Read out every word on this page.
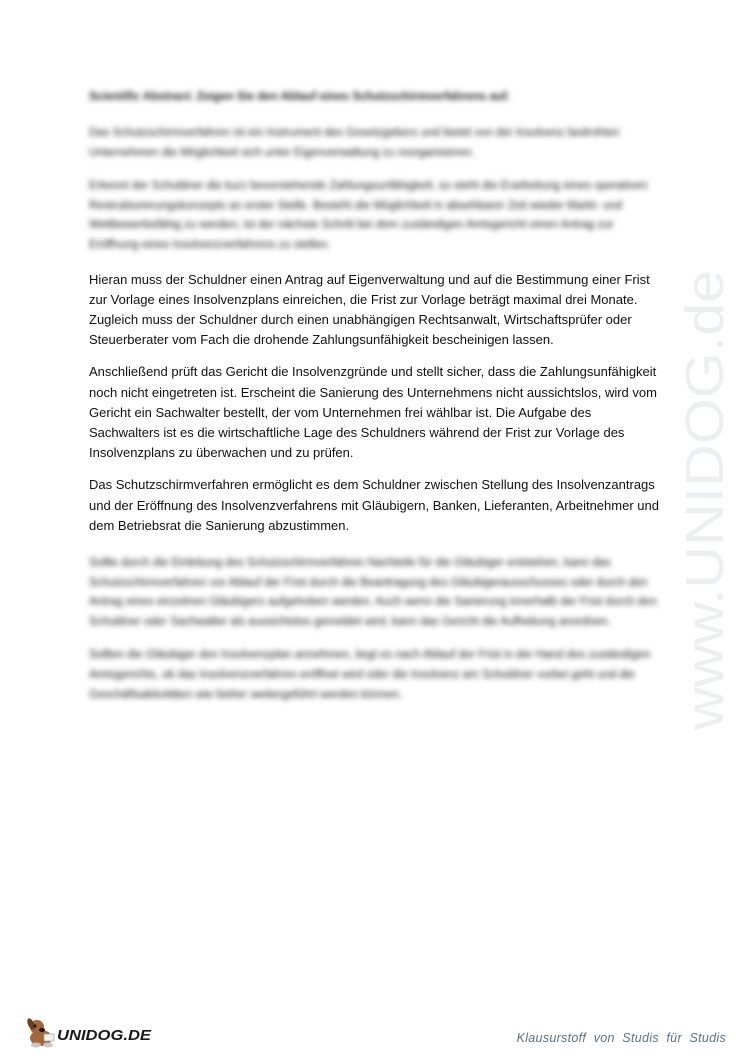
Scientific Abstract: Zeigen Sie den Ablauf eines Schutzschirmverfahrens auf.

Das Schutzschirmverfahren ist ein Instrument des Gesetzgebers und bietet von der Insolvenz bedrohten Unternehmen die Möglichkeit sich unter Eigenverwaltung zu reorganisieren.

Erkennt der Schuldner die kurz bevorstehende Zahlungsunfähigkeit, so steht die Erarbeitung eines operativen Restrukturierungskonzepts an erster Stelle. Besteht die Möglichkeit in absehbarer Zeit wieder Markt- und Wettbewerbsfähig zu werden, ist der nächste Schritt bei dem zuständigen Amtsgericht einen Antrag zur Eröffnung eines Insolvenzverfahrens zu stellen.

Hieran muss der Schuldner einen Antrag auf Eigenverwaltung und auf die Bestimmung einer Frist zur Vorlage eines Insolvenzplans einreichen, die Frist zur Vorlage beträgt maximal drei Monate. Zugleich muss der Schuldner durch einen unabhängigen Rechtsanwalt, Wirtschaftsprüfer oder Steuerberater vom Fach die drohende Zahlungsunfähigkeit bescheinigen lassen.

Anschließend prüft das Gericht die Insolvenzgründe und stellt sicher, dass die Zahlungsunfähigkeit noch nicht eingetreten ist. Erscheint die Sanierung des Unternehmens nicht aussichtslos, wird vom Gericht ein Sachwalter bestellt, der vom Unternehmen frei wählbar ist. Die Aufgabe des Sachwalters ist es die wirtschaftliche Lage des Schuldners während der Frist zur Vorlage des Insolvenzplans zu überwachen und zu prüfen.

Das Schutzschirmverfahren ermöglicht es dem Schuldner zwischen Stellung des Insolvenzantrags und der Eröffnung des Insolvenzverfahrens mit Gläubigern, Banken, Lieferanten, Arbeitnehmer und dem Betriebsrat die Sanierung abzustimmen.

Sollte durch die Einleitung des Schutzschirmverfahren Nachteile für die Gläubiger entstehen, kann das Schutzschirmverfahren vor Ablauf der Frist durch die Beantragung des Gläubigerausschusses oder durch den Antrag eines einzelnen Gläubigers aufgehoben werden. Auch wenn die Sanierung innerhalb der Frist durch den Schuldner oder Sachwalter als aussichtslos gemeldet wird, kann das Gericht die Aufhebung anordnen.

Sollten die Gläubiger den Insolvenzplan annehmen, liegt es nach Ablauf der Frist in der Hand des zuständigen Amtsgerichts, ob das Insolvenzverfahren eröffnet wird oder die Insolvenz am Schuldner vorbei geht und die Geschäftsaktivitäten wie bisher weitergeführt werden können.	www.UNIDOG.de
UNIDOG.DE	Klausurstoff  von  Studis  für  Studis
